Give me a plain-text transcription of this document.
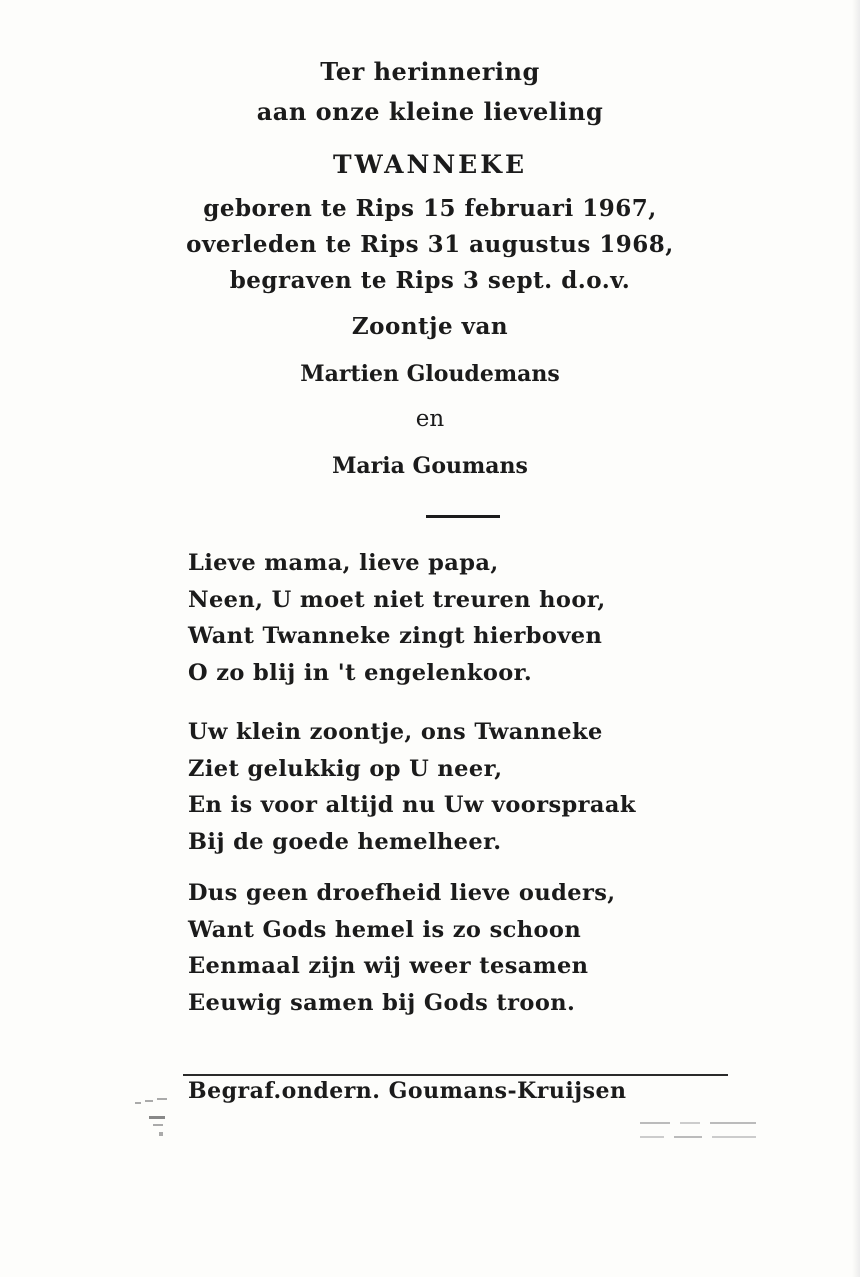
Ter herinnering
aan onze kleine lieveling
TWANNEKE
geboren te Rips 15 februari 1967,
overleden te Rips 31 augustus 1968,
begraven te Rips 3 sept. d.o.v.
Zoontje van
Martien Gloudemans
en
Maria Goumans
Lieve mama, lieve papa,
Neen, U moet niet treuren hoor,
Want Twanneke zingt hierboven
O zo blij in 't engelenkoor.
Uw klein zoontje, ons Twanneke
Ziet gelukkig op U neer,
En is voor altijd nu Uw voorspraak
Bij de goede hemelheer.
Dus geen droefheid lieve ouders,
Want Gods hemel is zo schoon
Eenmaal zijn wij weer tesamen
Eeuwig samen bij Gods troon.
Begraf.ondern. Goumans-Kruijsen
